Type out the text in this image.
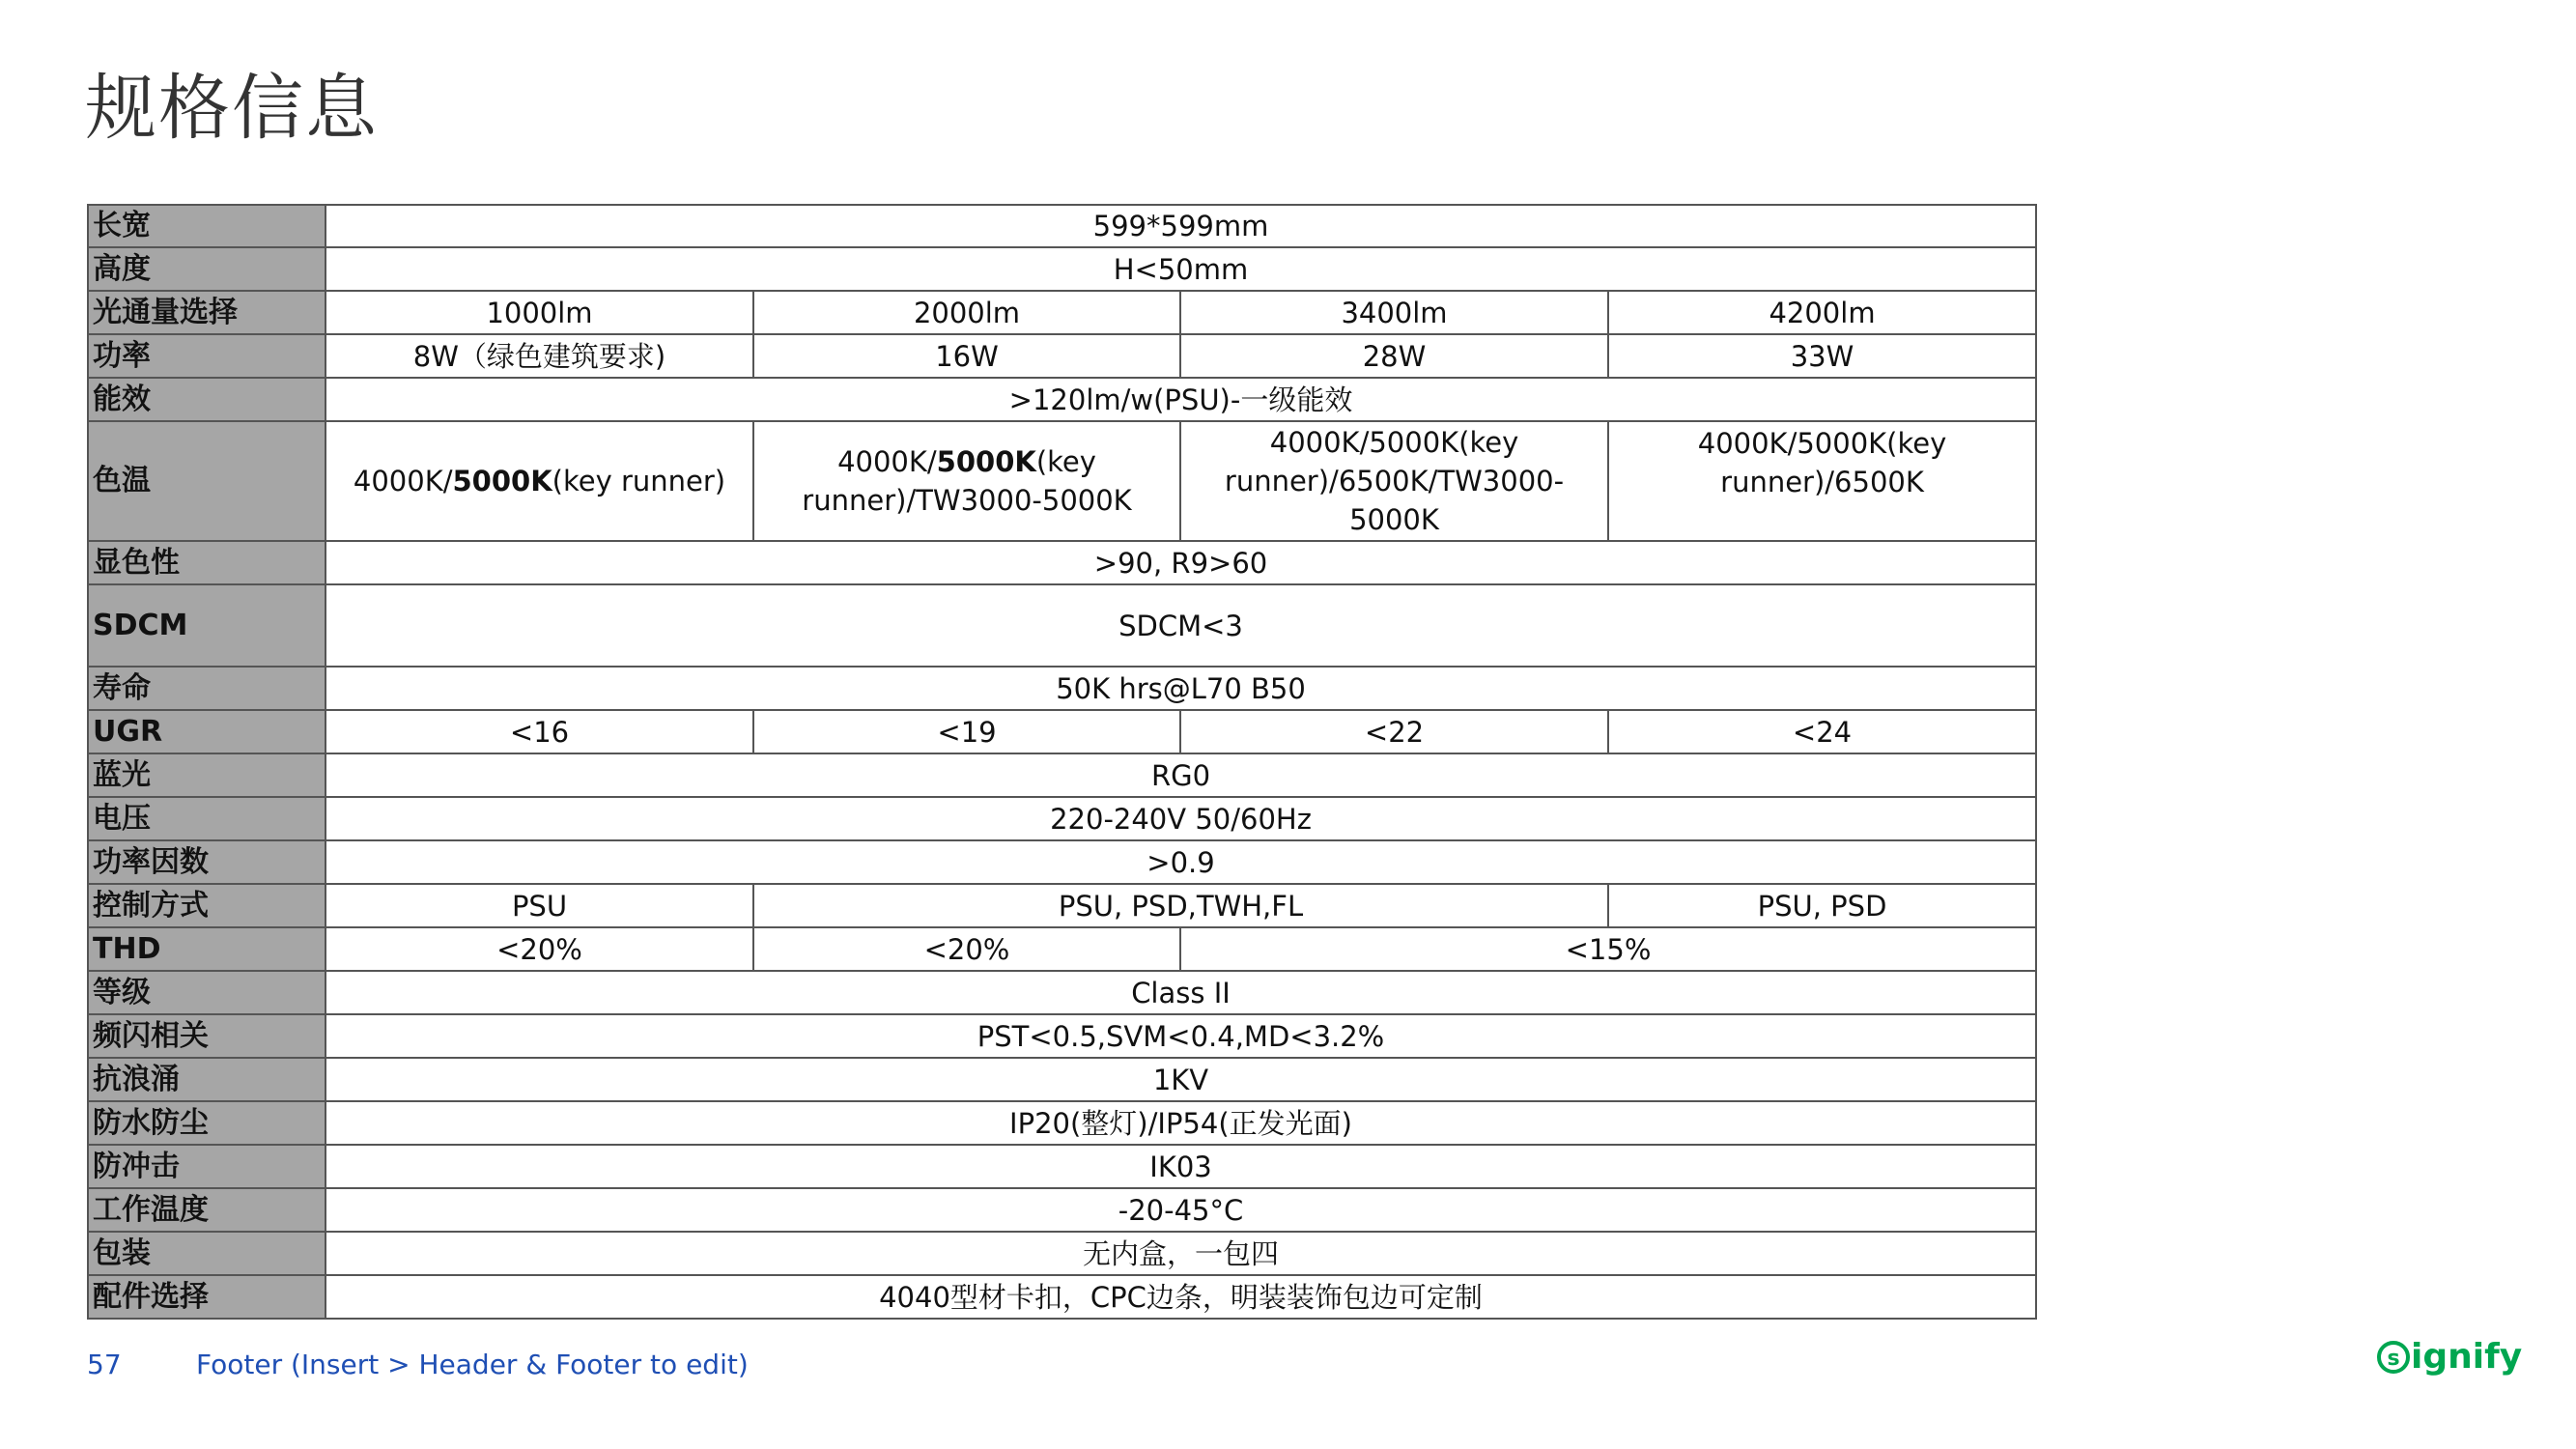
规格信息
长宽	599*599mm			
高度	H<50mm			
光通量选择	1000lm	2000lm	3400lm	4200lm
功率	8W（绿色建筑要求)	16W	28W	33W
能效	>120lm/w(PSU)-一级能效			
色温	4000K/5000K(key runner)	4000K/5000K(key runner)/TW3000-5000K	4000K/5000K(key runner)/6500K/TW3000-5000K	4000K/5000K(key runner)/6500K
显色性	>90, R9>60			
SDCM	SDCM<3			
寿命	50K hrs@L70 B50			
UGR	<16	<19	<22	<24
蓝光	RG0			
电压	220-240V 50/60Hz			
功率因数	>0.9			
控制方式	PSU	PSU, PSD,TWH,FL		PSU, PSD
THD	<20%	<20%	<15%	
等级	Class II			
频闪相关	PST<0.5,SVM<0.4,MD<3.2%			
抗浪涌	1KV			
防水防尘	IP20(整灯)/IP54(正发光面)			
防冲击	IK03			
工作温度	-20-45°C			
包装	无内盒，一包四			
配件选择	4040型材卡扣，CPC边条，明装装饰包边可定制			
57	Footer (Insert > Header & Footer to edit)	s ignify
